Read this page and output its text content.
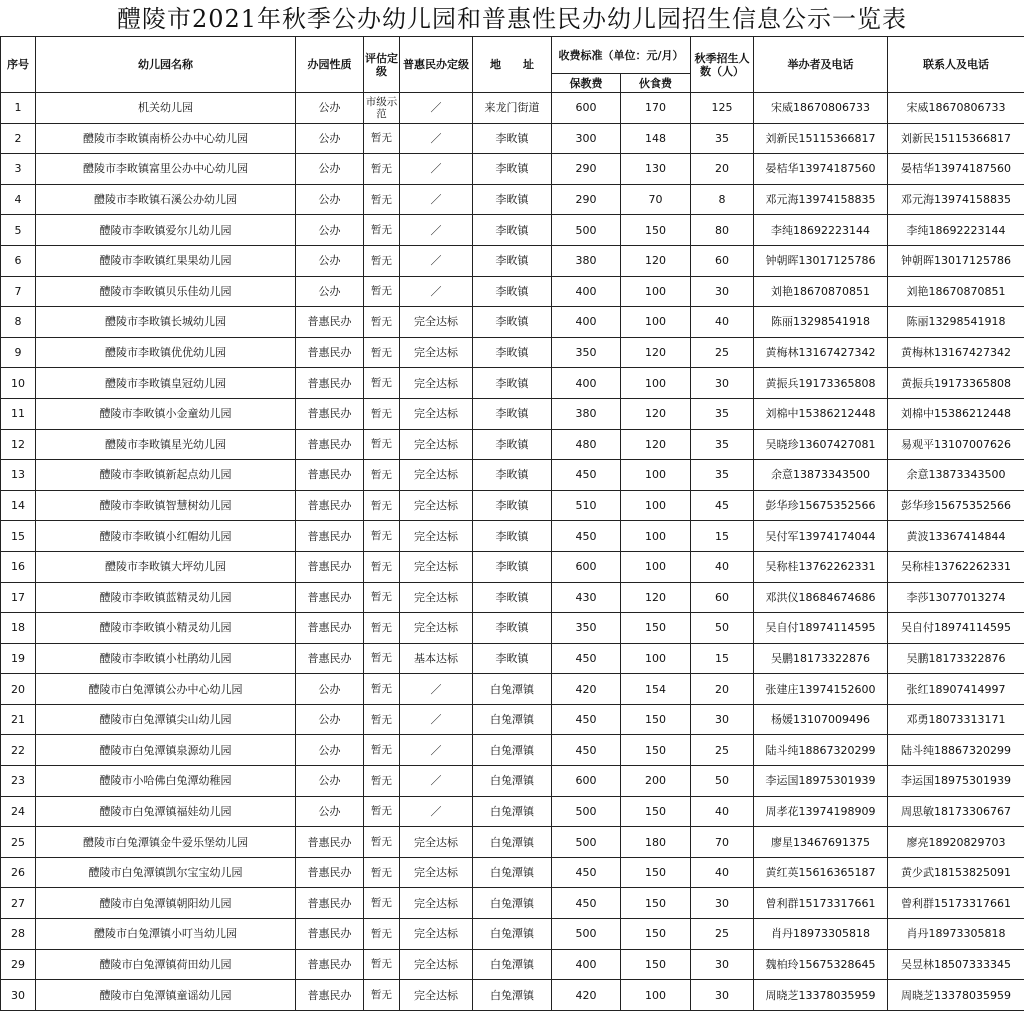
醴陵市2021年秋季公办幼儿园和普惠性民办幼儿园招生信息公示一览表
序号	幼儿园名称	办园性质	评估定级	普惠民办定级	地　　址	收费标准（单位：元/月）		秋季招生人数（人）	举办者及电话	联系人及电话
						保教费	伙食费			
1	机关幼儿园	公办	市级示范	／	来龙门街道	600	170	125	宋威18670806733	宋威18670806733
2	醴陵市李畋镇南桥公办中心幼儿园	公办	暂无	／	李畋镇	300	148	35	刘新民15115366817	刘新民15115366817
3	醴陵市李畋镇富里公办中心幼儿园	公办	暂无	／	李畋镇	290	130	20	晏桔华13974187560	晏桔华13974187560
4	醴陵市李畋镇石溪公办幼儿园	公办	暂无	／	李畋镇	290	70	8	邓元海13974158835	邓元海13974158835
5	醴陵市李畋镇爱尔儿幼儿园	公办	暂无	／	李畋镇	500	150	80	李纯18692223144	李纯18692223144
6	醴陵市李畋镇红果果幼儿园	公办	暂无	／	李畋镇	380	120	60	钟朝晖13017125786	钟朝晖13017125786
7	醴陵市李畋镇贝乐佳幼儿园	公办	暂无	／	李畋镇	400	100	30	刘艳18670870851	刘艳18670870851
8	醴陵市李畋镇长城幼儿园	普惠民办	暂无	完全达标	李畋镇	400	100	40	陈丽13298541918	陈丽13298541918
9	醴陵市李畋镇优优幼儿园	普惠民办	暂无	完全达标	李畋镇	350	120	25	黄梅林13167427342	黄梅林13167427342
10	醴陵市李畋镇皇冠幼儿园	普惠民办	暂无	完全达标	李畋镇	400	100	30	黄振兵19173365808	黄振兵19173365808
11	醴陵市李畋镇小金童幼儿园	普惠民办	暂无	完全达标	李畋镇	380	120	35	刘棉中15386212448	刘棉中15386212448
12	醴陵市李畋镇星光幼儿园	普惠民办	暂无	完全达标	李畋镇	480	120	35	吴晓珍13607427081	易观平13107007626
13	醴陵市李畋镇新起点幼儿园	普惠民办	暂无	完全达标	李畋镇	450	100	35	余意13873343500	余意13873343500
14	醴陵市李畋镇智慧树幼儿园	普惠民办	暂无	完全达标	李畋镇	510	100	45	彭华珍15675352566	彭华珍15675352566
15	醴陵市李畋镇小红帽幼儿园	普惠民办	暂无	完全达标	李畋镇	450	100	15	吴付军13974174044	黄波13367414844
16	醴陵市李畋镇大坪幼儿园	普惠民办	暂无	完全达标	李畋镇	600	100	40	吴称桂13762262331	吴称桂13762262331
17	醴陵市李畋镇蓝精灵幼儿园	普惠民办	暂无	完全达标	李畋镇	430	120	60	邓洪仪18684674686	李莎13077013274
18	醴陵市李畋镇小精灵幼儿园	普惠民办	暂无	完全达标	李畋镇	350	150	50	吴自付18974114595	吴自付18974114595
19	醴陵市李畋镇小杜鹃幼儿园	普惠民办	暂无	基本达标	李畋镇	450	100	15	吴鹏18173322876	吴鹏18173322876
20	醴陵市白兔潭镇公办中心幼儿园	公办	暂无	／	白兔潭镇	420	154	20	张建庄13974152600	张红18907414997
21	醴陵市白兔潭镇尖山幼儿园	公办	暂无	／	白兔潭镇	450	150	30	杨媛13107009496	邓勇18073313171
22	醴陵市白兔潭镇泉源幼儿园	公办	暂无	／	白兔潭镇	450	150	25	陆斗纯18867320299	陆斗纯18867320299
23	醴陵市小哈佛白兔潭幼稚园	公办	暂无	／	白兔潭镇	600	200	50	李运国18975301939	李运国18975301939
24	醴陵市白兔潭镇福娃幼儿园	公办	暂无	／	白兔潭镇	500	150	40	周孝花13974198909	周思敏18173306767
25	醴陵市白兔潭镇金牛爱乐堡幼儿园	普惠民办	暂无	完全达标	白兔潭镇	500	180	70	廖星13467691375	廖亮18920829703
26	醴陵市白兔潭镇凯尔宝宝幼儿园	普惠民办	暂无	完全达标	白兔潭镇	450	150	40	黄红英15616365187	黄少武18153825091
27	醴陵市白兔潭镇朝阳幼儿园	普惠民办	暂无	完全达标	白兔潭镇	450	150	30	曾利群15173317661	曾利群15173317661
28	醴陵市白兔潭镇小叮当幼儿园	普惠民办	暂无	完全达标	白兔潭镇	500	150	25	肖丹18973305818	肖丹18973305818
29	醴陵市白兔潭镇荷田幼儿园	普惠民办	暂无	完全达标	白兔潭镇	400	150	30	魏柏玲15675328645	吴昱林18507333345
30	醴陵市白兔潭镇童谣幼儿园	普惠民办	暂无	完全达标	白兔潭镇	420	100	30	周晓芝13378035959	周晓芝13378035959
